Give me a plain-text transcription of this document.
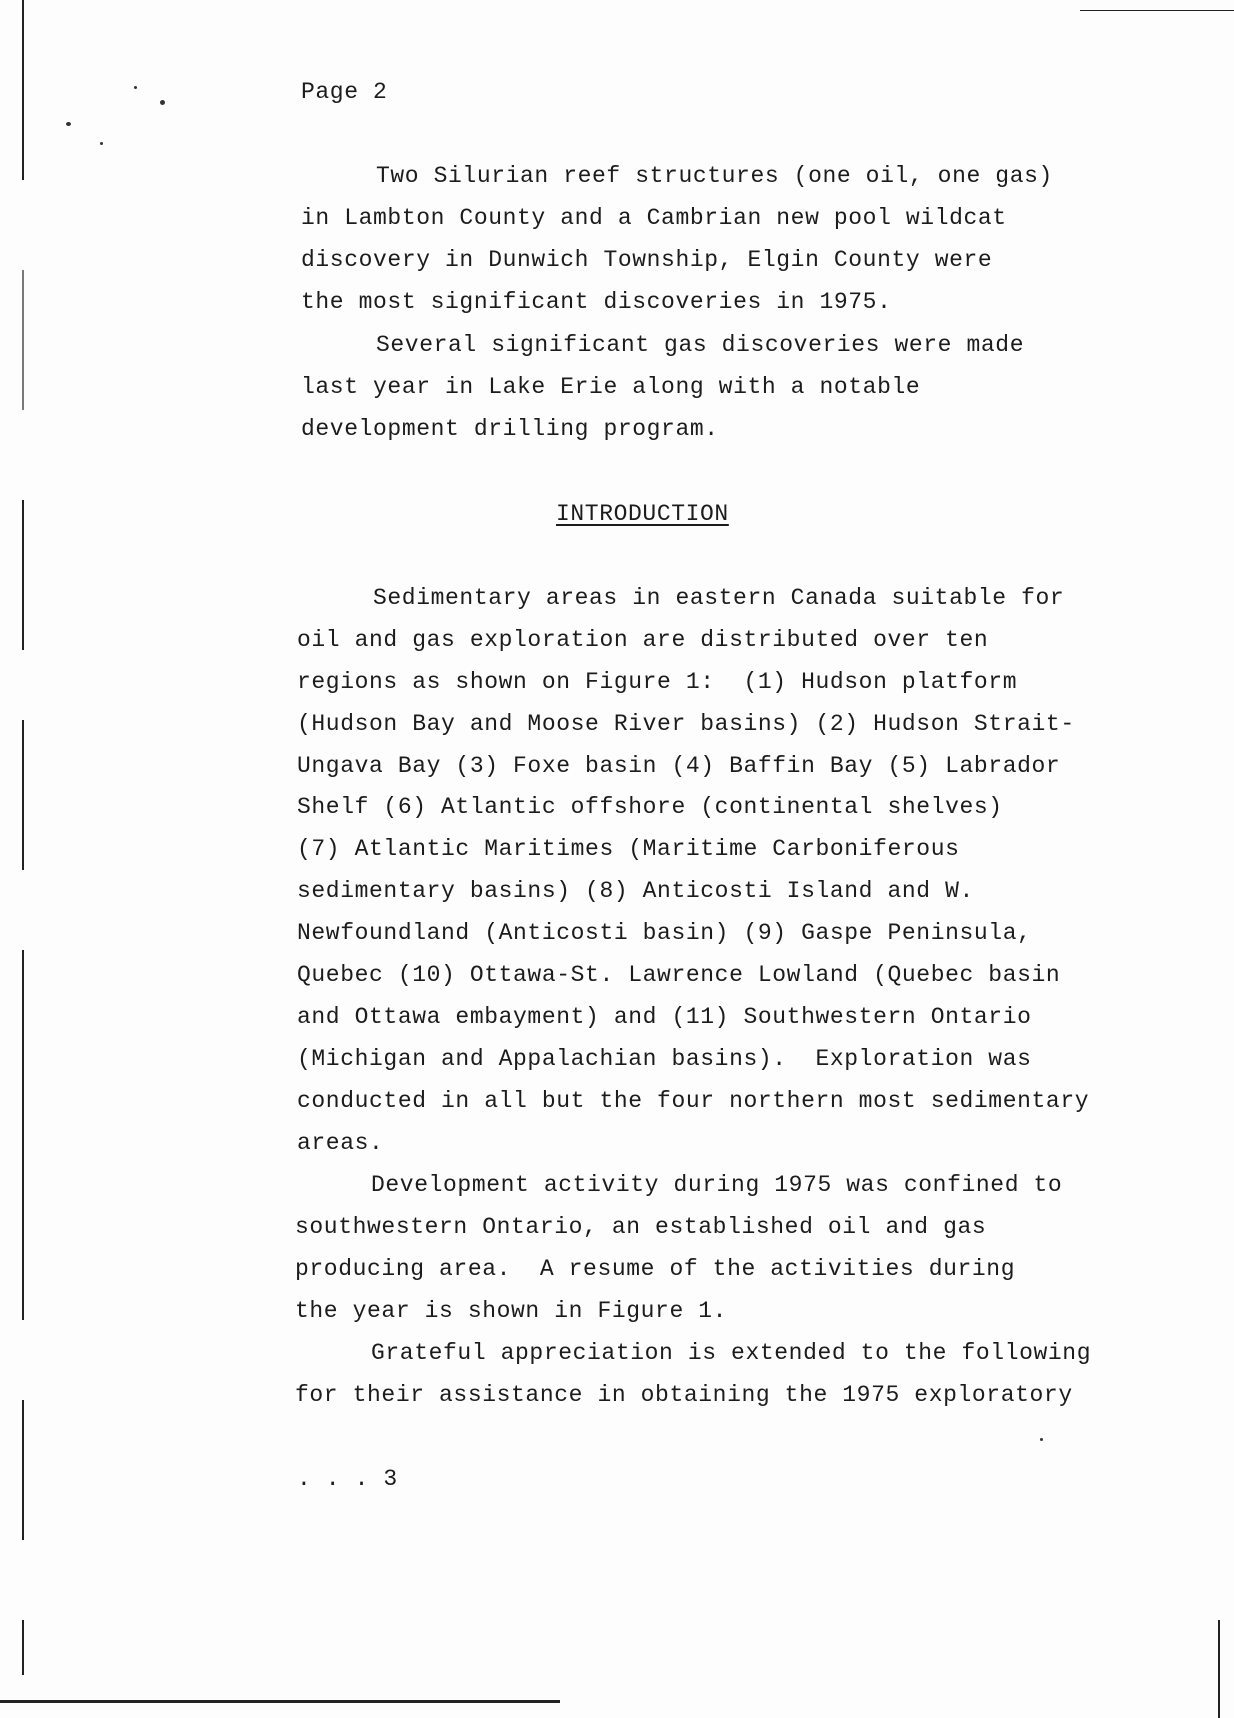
Page 2
Two Silurian reef structures (one oil, one gas)
in Lambton County and a Cambrian new pool wildcat
discovery in Dunwich Township, Elgin County were
the most significant discoveries in 1975.
Several significant gas discoveries were made
last year in Lake Erie along with a notable
development drilling program.
INTRODUCTION
Sedimentary areas in eastern Canada suitable for
oil and gas exploration are distributed over ten
regions as shown on Figure 1:  (1) Hudson platform
(Hudson Bay and Moose River basins) (2) Hudson Strait-
Ungava Bay (3) Foxe basin (4) Baffin Bay (5) Labrador
Shelf (6) Atlantic offshore (continental shelves)
(7) Atlantic Maritimes (Maritime Carboniferous
sedimentary basins) (8) Anticosti Island and W.
Newfoundland (Anticosti basin) (9) Gaspe Peninsula,
Quebec (10) Ottawa-St. Lawrence Lowland (Quebec basin
and Ottawa embayment) and (11) Southwestern Ontario
(Michigan and Appalachian basins).  Exploration was
conducted in all but the four northern most sedimentary
areas.
Development activity during 1975 was confined to
southwestern Ontario, an established oil and gas
producing area.  A resume of the activities during
the year is shown in Figure 1.
Grateful appreciation is extended to the following
for their assistance in obtaining the 1975 exploratory
. . . 3
